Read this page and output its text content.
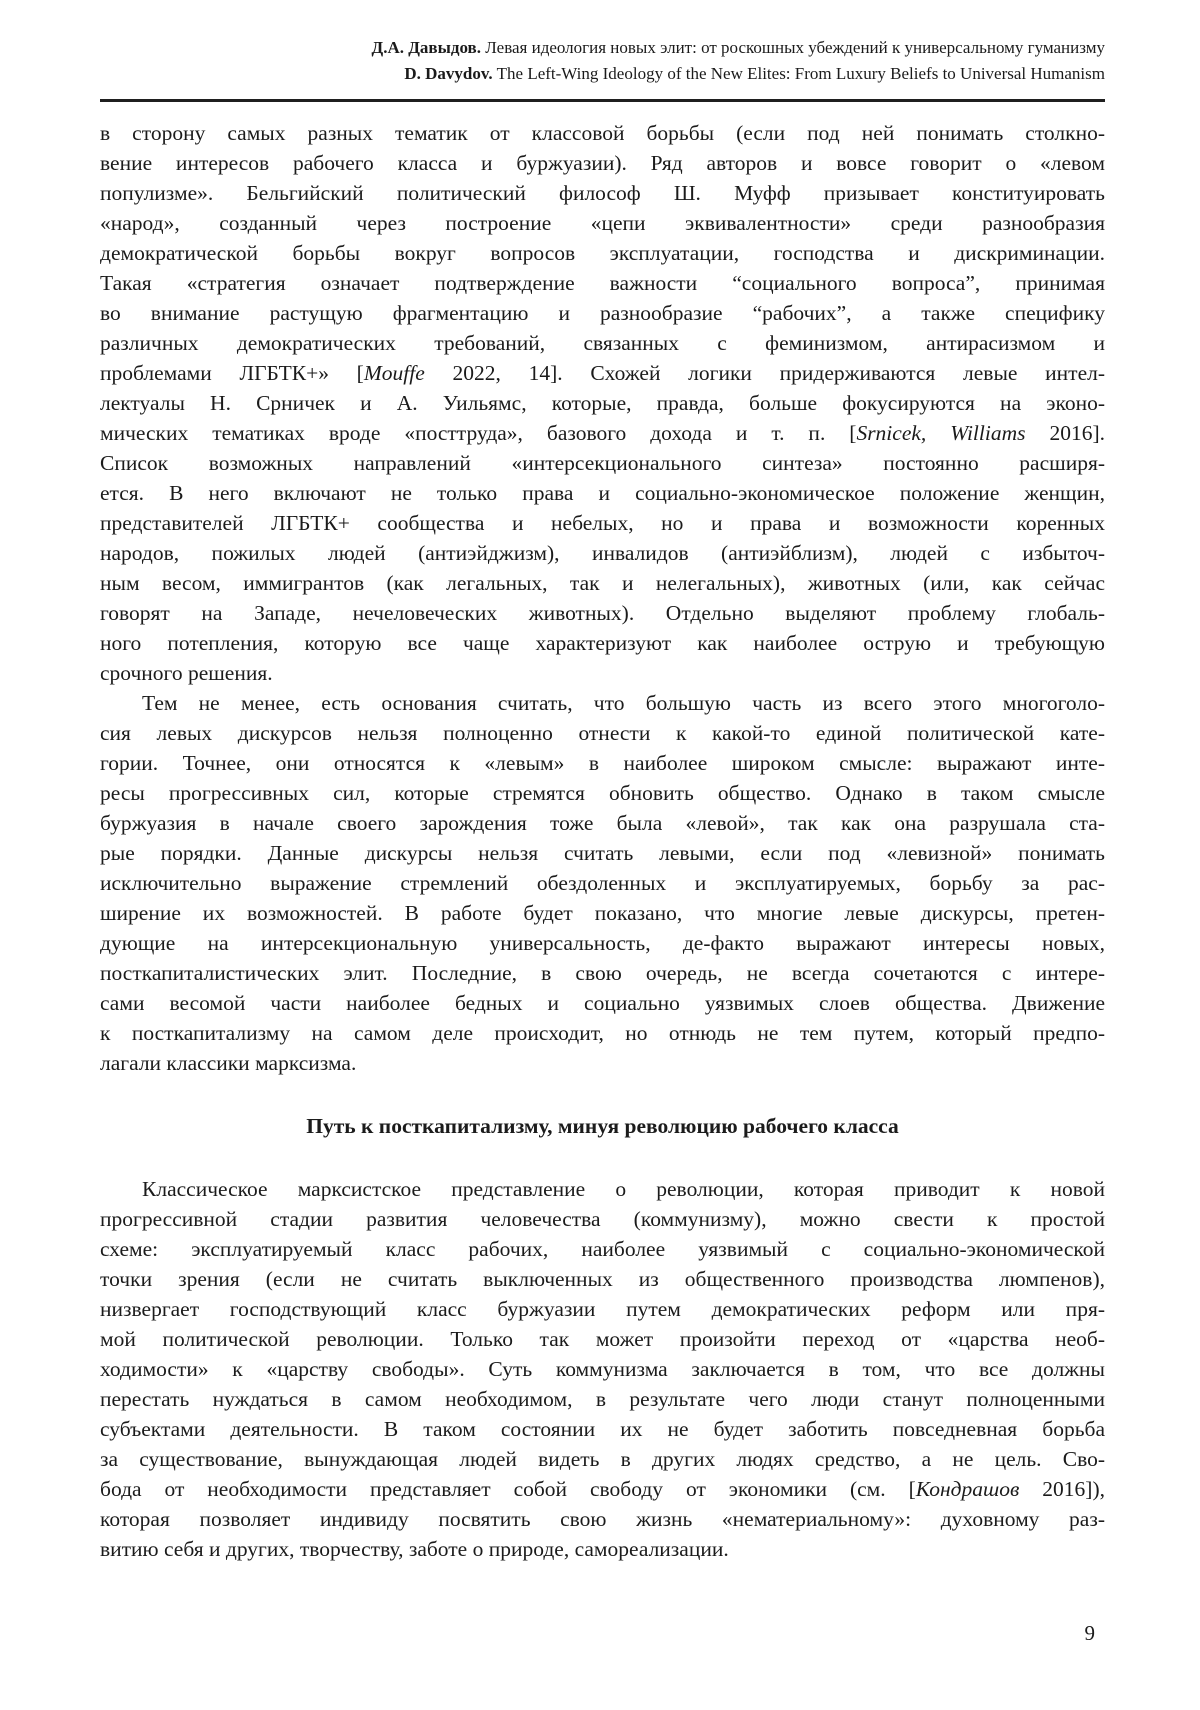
Д.А. Давыдов. Левая идеология новых элит: от роскошных убеждений к универсальному гуманизму
D. Davydov. The Left-Wing Ideology of the New Elites: From Luxury Beliefs to Universal Humanism
в сторону самых разных тематик от классовой борьбы (если под ней понимать столкно-
вение интересов рабочего класса и буржуазии). Ряд авторов и вовсе говорит о «левом
популизме». Бельгийский политический философ Ш. Муфф призывает конституировать
«народ», созданный через построение «цепи эквивалентности» среди разнообразия
демократической борьбы вокруг вопросов эксплуатации, господства и дискриминации.
Такая «стратегия означает подтверждение важности “социального вопроса”, принимая
во внимание растущую фрагментацию и разнообразие “рабочих”, а также специфику
различных демократических требований, связанных с феминизмом, антирасизмом и
проблемами ЛГБТК+» [Mouffe 2022, 14]. Схожей логики придерживаются левые интел-
лектуалы Н. Срничек и А. Уильямс, которые, правда, больше фокусируются на эконо-
мических тематиках вроде «посттруда», базового дохода и т. п. [Srnicek, Williams 2016].
Список возможных направлений «интерсекционального синтеза» постоянно расширя-
ется. В него включают не только права и социально-экономическое положение женщин,
представителей ЛГБТК+ сообщества и небелых, но и права и возможности коренных
народов, пожилых людей (антиэйджизм), инвалидов (антиэйблизм), людей с избыточ-
ным весом, иммигрантов (как легальных, так и нелегальных), животных (или, как сейчас
говорят на Западе, нечеловеческих животных). Отдельно выделяют проблему глобаль-
ного потепления, которую все чаще характеризуют как наиболее острую и требующую
срочного решения.
Тем не менее, есть основания считать, что большую часть из всего этого многоголо-
сия левых дискурсов нельзя полноценно отнести к какой-то единой политической кате-
гории. Точнее, они относятся к «левым» в наиболее широком смысле: выражают инте-
ресы прогрессивных сил, которые стремятся обновить общество. Однако в таком смысле
буржуазия в начале своего зарождения тоже была «левой», так как она разрушала ста-
рые порядки. Данные дискурсы нельзя считать левыми, если под «левизной» понимать
исключительно выражение стремлений обездоленных и эксплуатируемых, борьбу за рас-
ширение их возможностей. В работе будет показано, что многие левые дискурсы, претен-
дующие на интерсекциональную универсальность, де-факто выражают интересы новых,
посткапиталистических элит. Последние, в свою очередь, не всегда сочетаются с интере-
сами весомой части наиболее бедных и социально уязвимых слоев общества. Движение
к посткапитализму на самом деле происходит, но отнюдь не тем путем, который предпо-
лагали классики марксизма.
Путь к посткапитализму, минуя революцию рабочего класса
Классическое марксистское представление о революции, которая приводит к новой
прогрессивной стадии развития человечества (коммунизму), можно свести к простой
схеме: эксплуатируемый класс рабочих, наиболее уязвимый с социально-экономической
точки зрения (если не считать выключенных из общественного производства люмпенов),
низвергает господствующий класс буржуазии путем демократических реформ или пря-
мой политической революции. Только так может произойти переход от «царства необ-
ходимости» к «царству свободы». Суть коммунизма заключается в том, что все должны
перестать нуждаться в самом необходимом, в результате чего люди станут полноценными
субъектами деятельности. В таком состоянии их не будет заботить повседневная борьба
за существование, вынуждающая людей видеть в других людях средство, а не цель. Сво-
бода от необходимости представляет собой свободу от экономики (см. [Кондрашов 2016]),
которая позволяет индивиду посвятить свою жизнь «нематериальному»: духовному раз-
витию себя и других, творчеству, заботе о природе, самореализации.
9
